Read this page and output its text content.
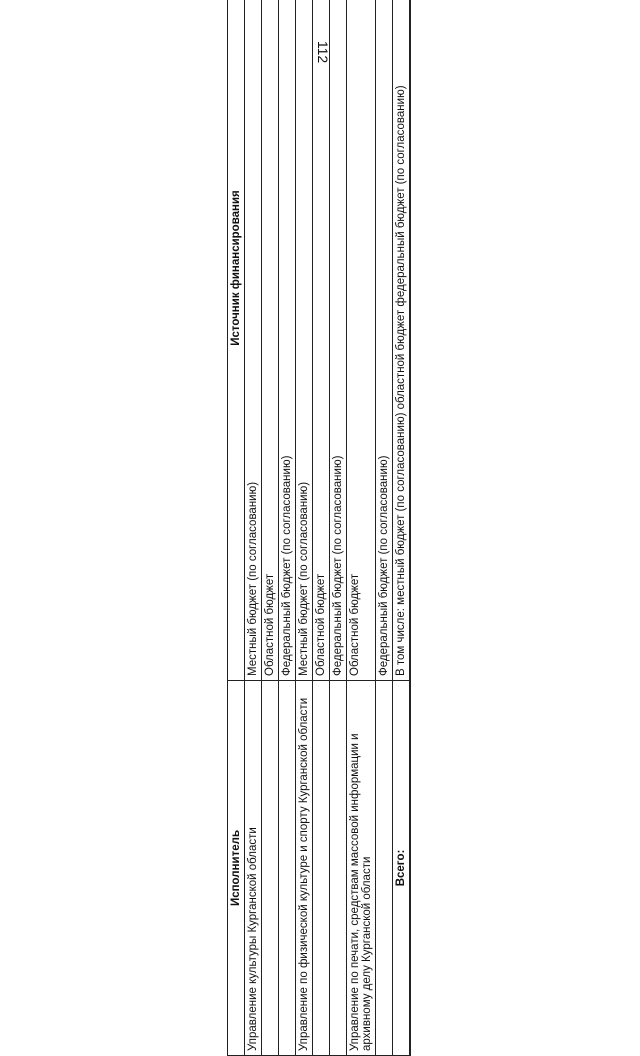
112
Исполнитель
Источник финансирования
Управление культуры Курганской области
Местный бюджет (по согласованию) Областной бюджет Федеральный бюджет (по согласованию)
Управление по физической культуре и спорту Курганской области
Местный бюджет (по согласованию) Областной бюджет Федеральный бюджет (по согласованию)
Управление по печати, средствам массовой информации и архивному делу Курганской области
Областной бюджет	Федеральный бюджет (по согласованию)
Всего:
В том числе: местный бюджет (по согласованию) областной бюджет федеральный бюджет (по согласованию)
